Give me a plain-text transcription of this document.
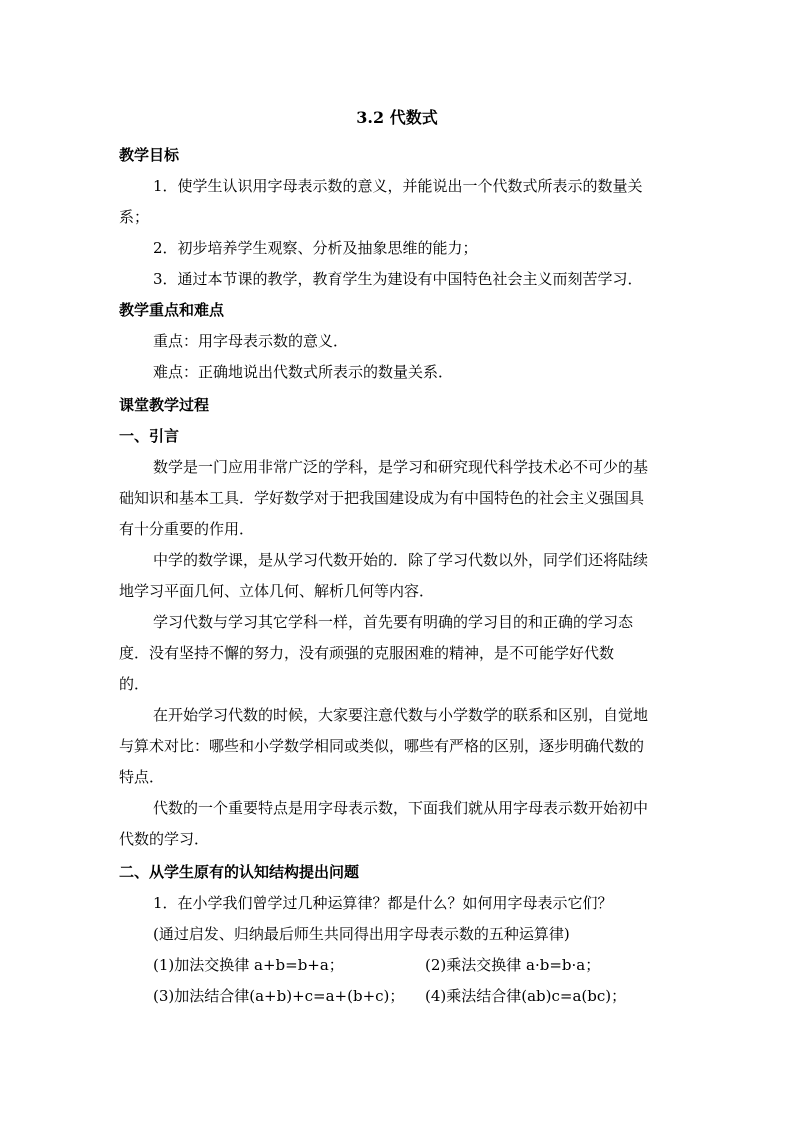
3.2 代数式
教学目标
1．使学生认识用字母表示数的意义，并能说出一个代数式所表示的数量关
系；
2．初步培养学生观察、分析及抽象思维的能力；
3．通过本节课的教学，教育学生为建设有中国特色社会主义而刻苦学习．
教学重点和难点
重点：用字母表示数的意义．
难点：正确地说出代数式所表示的数量关系．
课堂教学过程
一、引言
数学是一门应用非常广泛的学科，是学习和研究现代科学技术必不可少的基
础知识和基本工具．学好数学对于把我国建设成为有中国特色的社会主义强国具
有十分重要的作用．
中学的数学课，是从学习代数开始的．除了学习代数以外，同学们还将陆续
地学习平面几何、立体几何、解析几何等内容．
学习代数与学习其它学科一样，首先要有明确的学习目的和正确的学习态
度．没有坚持不懈的努力，没有顽强的克服困难的精神，是不可能学好代数
的．
在开始学习代数的时候，大家要注意代数与小学数学的联系和区别，自觉地
与算术对比：哪些和小学数学相同或类似，哪些有严格的区别，逐步明确代数的
特点．
代数的一个重要特点是用字母表示数，下面我们就从用字母表示数开始初中
代数的学习．
二、从学生原有的认知结构提出问题
1．在小学我们曾学过几种运算律？都是什么？如何用字母表示它们？
(通过启发、归纳最后师生共同得出用字母表示数的五种运算律)
(1)加法交换律 a+b=b+a；	(2)乘法交换律 a·b=b·a；
(3)加法结合律(a+b)+c=a+(b+c)； (4)乘法结合律(ab)c=a(bc)；
